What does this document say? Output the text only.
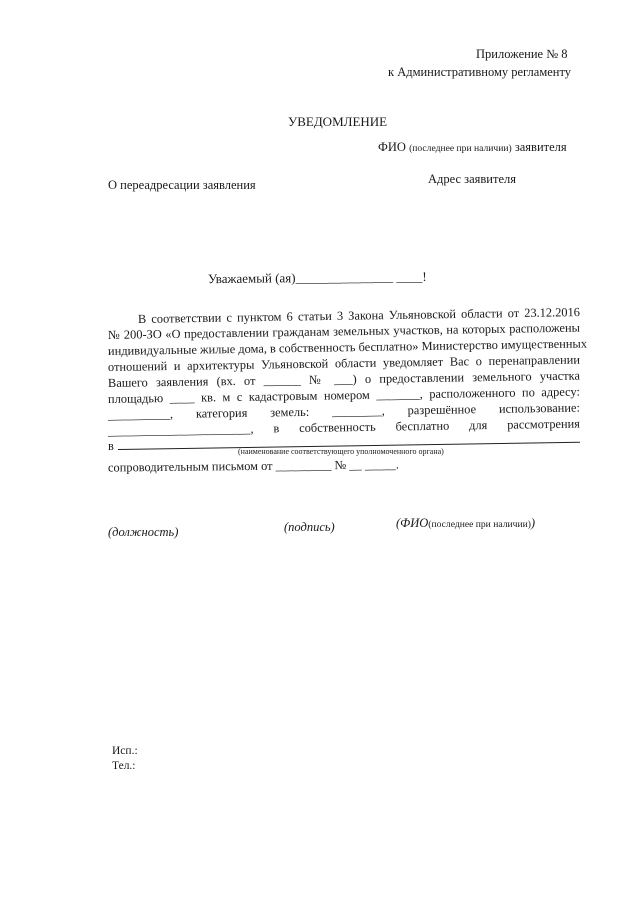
Приложение № 8
к Административному регламенту
УВЕДОМЛЕНИЕ
ФИО (последнее при наличии) заявителя
Адрес заявителя
О переадресации заявления
Уважаемый (ая)_______________ ____!
В соответствии с пунктом 6 статьи 3 Закона Ульяновской области от 23.12.2016
№ 200-ЗО «О предоставлении гражданам земельных участков, на которых расположены
индивидуальные жилые дома, в собственность бесплатно» Министерство имущественных
отношений и архитектуры Ульяновской области уведомляет Вас о перенаправлении
Вашего заявления (вх. от ______ № ___) о предоставлении земельного участка
площадью ____ кв. м с кадастровым номером _______, расположенного по адресу:
__________, категория земель: ________, разрешённое использование:
_______________________, в собственность бесплатно для рассмотрения
в	(наименование соответствующего уполномоченного органа)
сопроводительным письмом от _________ № __ _____.
(должность)	(подпись)	(ФИО(последнее при наличии))
Исп.:
Тел.:
